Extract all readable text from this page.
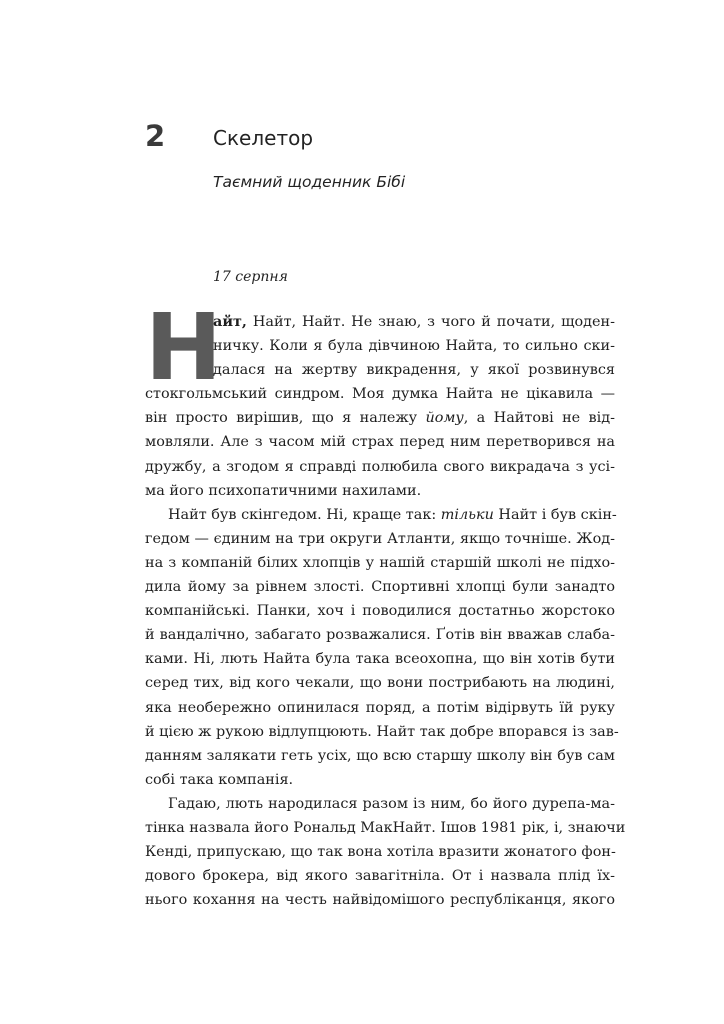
2 Скелетор
Таємний щоденник Бібі
17 серпня
Н
айт, Найт, Найт. Не знаю, з чого й почати, щоден-
ничку. Коли я була дівчиною Найта, то сильно ски-
далася на жертву викрадення, у якої розвинувся
стокгольмський синдром. Моя думка Найта не цікавила —
він просто вирішив, що я належу йому, а Найтові не від-
мовляли. Але з часом мій страх перед ним перетворився на
дружбу, а згодом я справді полюбила свого викрадача з усі-
ма його психопатичними нахилами.
Найт був скінгедом. Ні, краще так: тільки Найт і був скін-
гедом — єдиним на три округи Атланти, якщо точніше. Жод-
на з компаній білих хлопців у нашій старшій школі не підхо-
дила йому за рівнем злості. Спортивні хлопці були занадто
компанійські. Панки, хоч і поводилися достатньо жорстоко
й вандалічно, забагато розважалися. Ґотів він вважав слаба-
ками. Ні, лють Найта була така всеохопна, що він хотів бути
серед тих, від кого чекали, що вони пострибають на людині,
яка необережно опинилася поряд, а потім відірвуть їй руку
й цією ж рукою відлупцюють. Найт так добре впорався із зав-
данням залякати геть усіх, що всю старшу школу він був сам
собі така компанія.
Гадаю, лють народилася разом із ним, бо його дурепа-ма-
тінка назвала його Рональд МакНайт. Ішов 1981 рік, і, знаючи
Кенді, припускаю, що так вона хотіла вразити жонатого фон-
дового брокера, від якого завагітніла. От і назвала плід їх-
нього кохання на честь найвідомішого республіканця, якого
